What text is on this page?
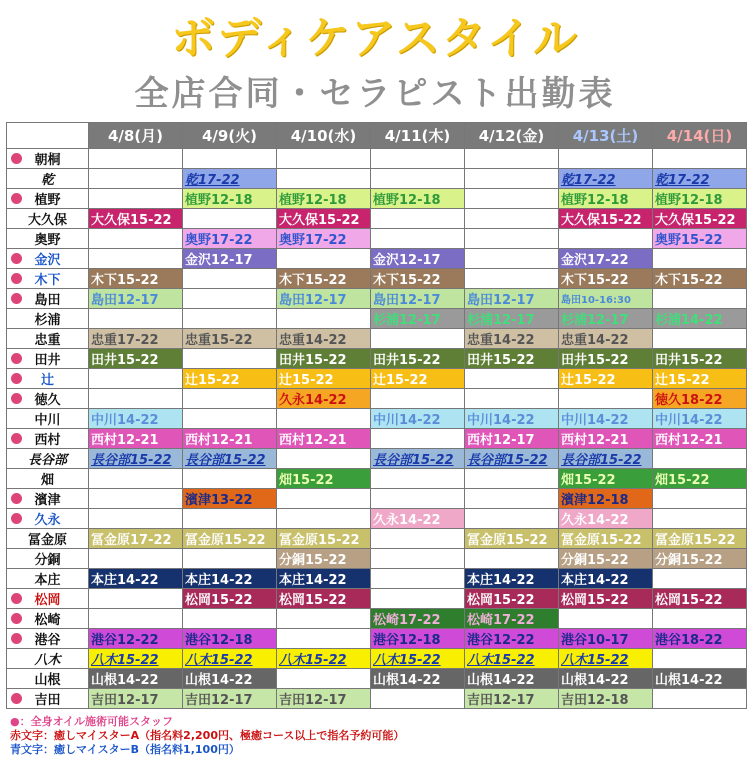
ボディケアスタイル
全店合同・セラピスト出勤表
	4/8(月)	4/9(火)	4/10(水)	4/11(木)	4/12(金)	4/13(土)	4/14(日)

朝桐							
乾		乾17-22				乾17-22	乾17-22

植野		植野12-18	植野12-18	植野12-18		植野12-18	植野12-18
大久保	大久保15-22		大久保15-22			大久保15-22	大久保15-22
奥野		奥野17-22	奥野17-22				奥野15-22

金沢		金沢12-17		金沢12-17		金沢17-22	

木下	木下15-22		木下15-22	木下15-22		木下15-22	木下15-22

島田	島田12-17		島田12-17	島田12-17	島田12-17	島田10-16:30	
杉浦				杉浦12-17	杉浦12-17	杉浦12-17	杉浦14-22
忠重	忠重17-22	忠重15-22	忠重14-22		忠重14-22	忠重14-22	

田井	田井15-22		田井15-22	田井15-22	田井15-22	田井15-22	田井15-22

辻		辻15-22	辻15-22	辻15-22		辻15-22	辻15-22

徳久			久永14-22				徳久18-22
中川	中川14-22			中川14-22	中川14-22	中川14-22	中川14-22

西村	西村12-21	西村12-21	西村12-21		西村12-17	西村12-21	西村12-21
長谷部	長谷部15-22	長谷部15-22		長谷部15-22	長谷部15-22	長谷部15-22	
畑			畑15-22			畑15-22	畑15-22

濱津		濱津13-22				濱津12-18	

久永				久永14-22		久永14-22	
冨金原	冨金原17-22	冨金原15-22	冨金原15-22		冨金原15-22	冨金原15-22	冨金原15-22
分銅			分銅15-22			分銅15-22	分銅15-22
本庄	本庄14-22	本庄14-22	本庄14-22		本庄14-22	本庄14-22	

松岡		松岡15-22	松岡15-22		松岡15-22	松岡15-22	松岡15-22

松崎				松崎17-22	松崎17-22		

港谷	港谷12-22	港谷12-18		港谷12-18	港谷12-22	港谷10-17	港谷18-22
八木	八木15-22	八木15-22	八木15-22	八木15-22	八木15-22	八木15-22	
山根	山根14-22	山根14-22		山根14-22	山根14-22	山根14-22	山根14-22

吉田	吉田12-17	吉田12-17	吉田12-17		吉田12-17	吉田12-18	
●：全身オイル施術可能スタッフ
赤文字：癒しマイスターA（指名料2,200円、極癒コース以上で指名予約可能）
青文字：癒しマイスターB（指名料1,100円）
